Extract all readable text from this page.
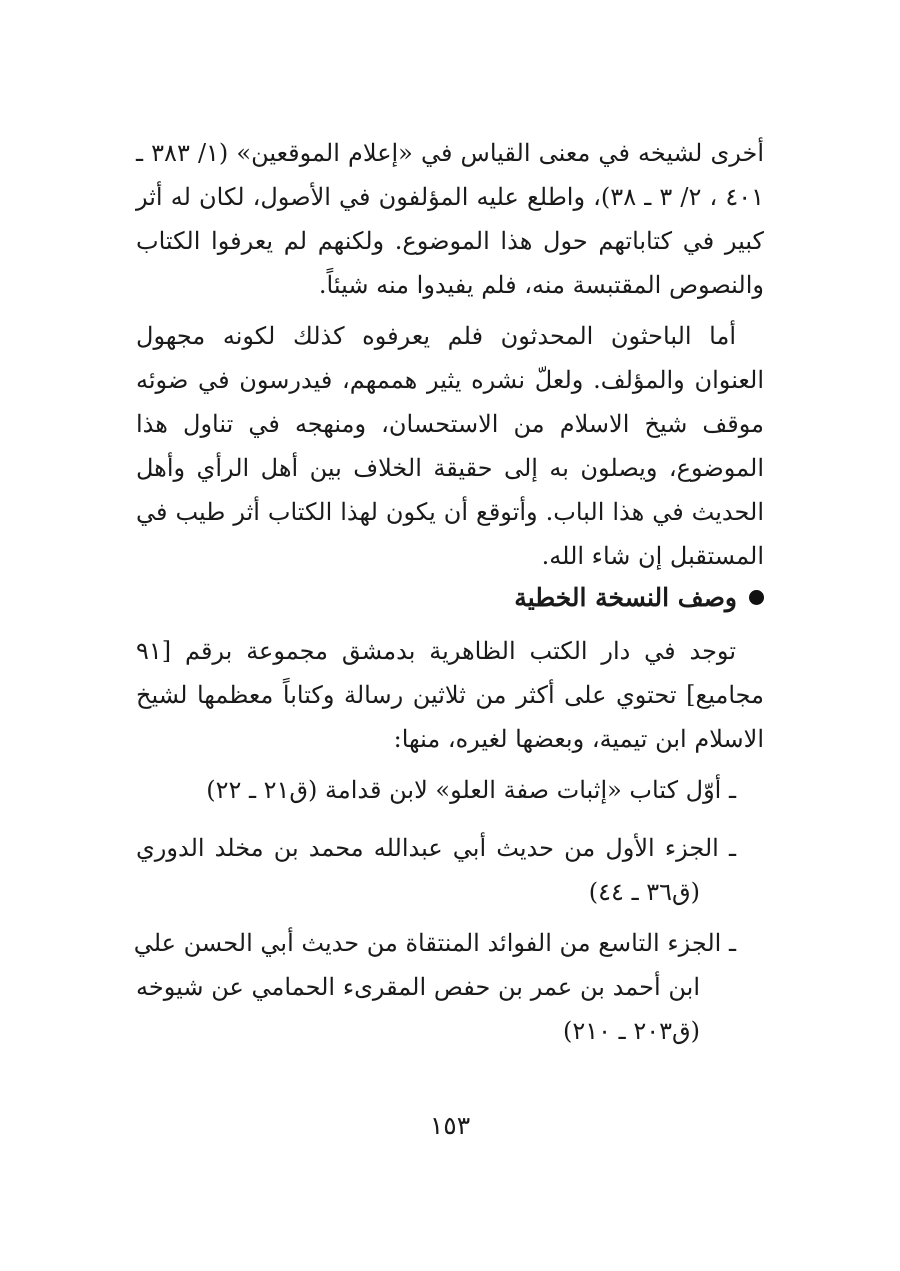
أخرى لشيخه في معنى القياس في «إعلام الموقعين» (١/ ٣٨٣ ـ
٤٠١ ، ٢/ ٣ ـ ٣٨)، واطلع عليه المؤلفون في الأصول، لكان له أثر
كبير في كتاباتهم حول هذا الموضوع. ولكنهم لم يعرفوا الكتاب
والنصوص المقتبسة منه، فلم يفيدوا منه شيئاً.
أما الباحثون المحدثون فلم يعرفوه كذلك لكونه مجهول
العنوان والمؤلف. ولعلّ نشره يثير هممهم، فيدرسون في ضوئه
موقف شيخ الاسلام من الاستحسان، ومنهجه في تناول هذا
الموضوع، ويصلون به إلى حقيقة الخلاف بين أهل الرأي وأهل
الحديث في هذا الباب. وأتوقع أن يكون لهذا الكتاب أثر طيب في
المستقبل إن شاء الله.
وصف النسخة الخطية
توجد في دار الكتب الظاهرية بدمشق مجموعة برقم [٩١
مجاميع] تحتوي على أكثر من ثلاثين رسالة وكتاباً معظمها لشيخ
الاسلام ابن تيمية، وبعضها لغيره، منها:
ـ أوّل كتاب «إثبات صفة العلو» لابن قدامة (ق٢١ ـ ٢٢)
ـ الجزء الأول من حديث أبي عبدالله محمد بن مخلد الدوري
(ق٣٦ ـ ٤٤)
ـ الجزء التاسع من الفوائد المنتقاة من حديث أبي الحسن علي
ابن أحمد بن عمر بن حفص المقرىء الحمامي عن شيوخه
(ق٢٠٣ ـ ٢١٠)
١٥٣
